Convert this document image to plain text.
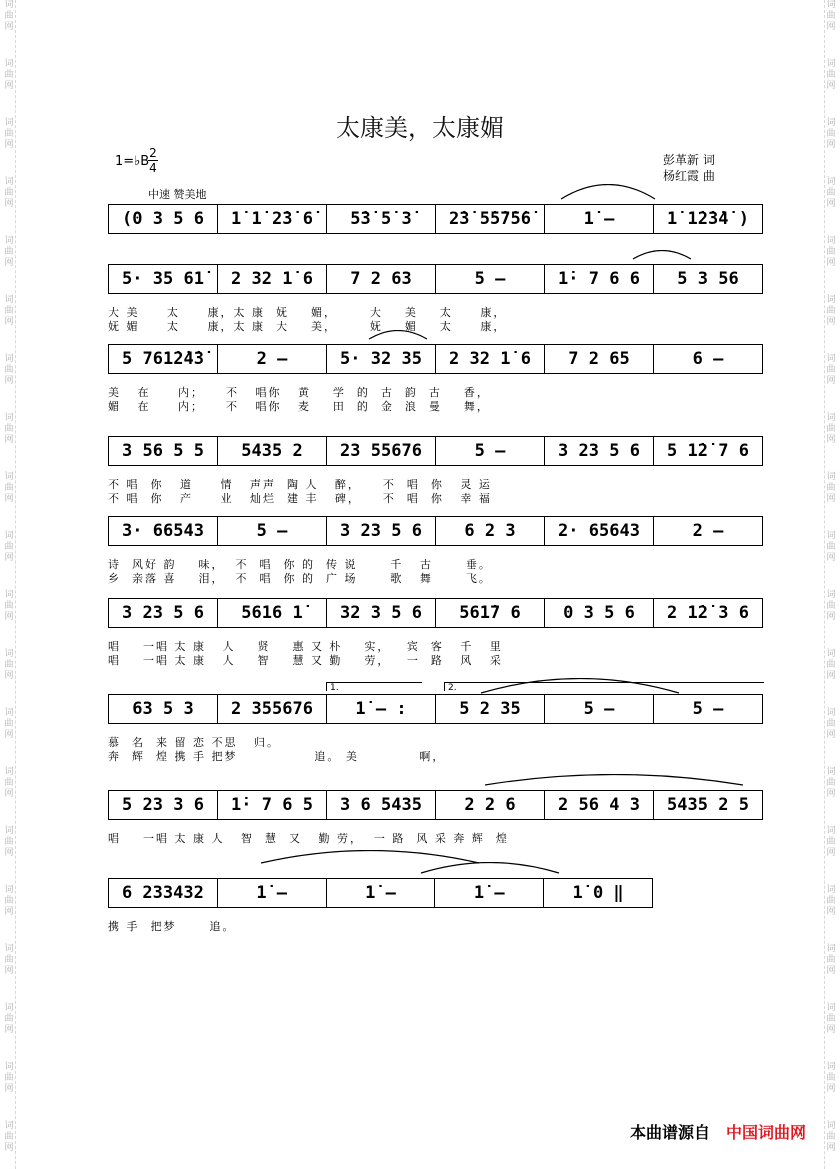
词
曲
网

词
曲
网

词
曲
网

词
曲
网

词
曲
网

词
曲
网

词
曲
网

词
曲
网

词
曲
网

词
曲
网

词
曲
网

词
曲
网

词
曲
网

词
曲
网

词
曲
网

词
曲
网

词
曲
网

词
曲
网

词
曲
网

词
曲
网

词
曲
网

词
曲
网

词
曲
网

词
曲
网

词
曲
网

词
曲
网

词
曲
网

词
曲
网

词
曲
网

词
曲
网

词
曲
网

词
曲
网

词
曲
网

词
曲
网

词
曲
网

词
曲
网

词
曲
网

词
曲
网

词
曲
网

词
曲
网

太康美，太康媚
1=♭B
2
4
中速 赞美地
彭革新 词
杨红霞 曲
(0 3 5 6	1̇ 1̇ 2̇3̇ 6̇	5̇3̇ 5̇ 3̇	2̇3̇ 5̇5̇7̇5̇6̇	1̇ –	1̇ 1̇2̇3̇4̇ )
5· 35 61̇	2 32 1̇ 6	7 2 63	5 –	1̇· 7 6 6	5 3 56
大 美     太     康，太 康  妩    媚，      大    美    太     康，
妩 媚     太     康，太 康  大    美，      妩    媚    太     康，
5 761̇2̇4̇3̇	2 –	5· 32 35	2 32 1̇ 6	7 2 65	6 –
美   在     内；    不   唱你   黄    学  的  古  韵  古    香，
媚   在     内；    不   唱你   麦    田  的  金  浪  曼    舞，
3 56 5 5	5435 2	23 55676	5 –	3 23 5 6	5 1̇2̇ 7 6
不 唱  你   道     情   声声  陶 人   醉，    不  唱  你   灵 运
不 唱  你   产     业   灿烂  建 丰   碑，    不  唱  你   幸 福
3· 66543	5 –	3 23 5 6	6 2 3	2· 65643	2 –
诗  风好 韵    味，  不  唱  你 的  传 说      千   古      垂。
乡  亲落 喜    泪，  不  唱  你 的  广 场      歌   舞      飞。
3 23 5 6	5616 1̇	32 3 5 6	561̇7 6	0 3 5 6	2 1̇2̇ 3 6
唱    一唱 太 康   人    贤    惠 又 朴    实，   宾  客   千   里
唱    一唱 太 康   人    智    慧 又 勤    劳，   一  路   风   采
63 5 3	2 355676	1̇ – :	5 2 35	5 –	5 –
慕  名  来 留 恋 不思   归。
奔  辉  煌 携 手 把梦              追。 美           啊，
1.	2.
5 23 3 6	1̇· 7 6 5	3 6 5435	2 2 6	2 56 4 3	5435 2 5
唱    一唱 太 康 人   智  慧  又   勤 劳，  一 路  风 采 奔 辉  煌
6 233432	1̇ –	1̇ –	1̇ –	1̇ 0 ‖
携 手  把梦      追。
本曲谱源自 中国词曲网
